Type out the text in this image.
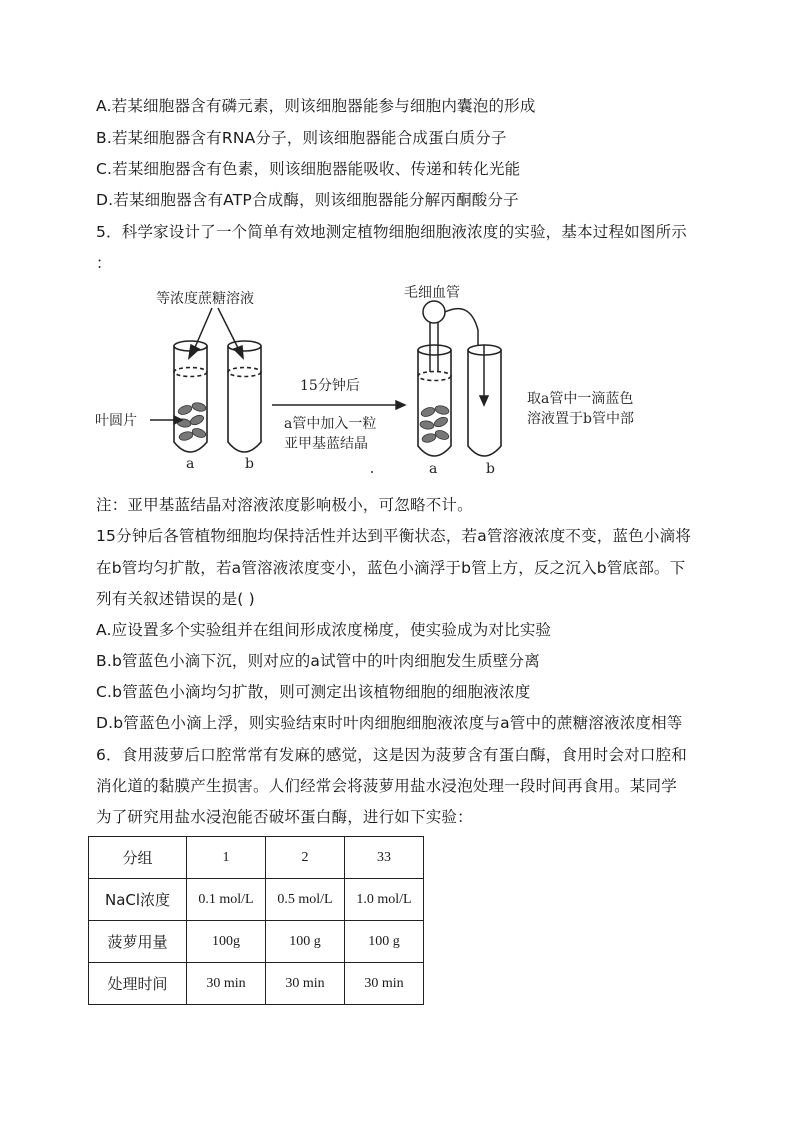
A.若某细胞器含有磷元素，则该细胞器能参与细胞内囊泡的形成
B.若某细胞器含有RNA分子，则该细胞器能合成蛋白质分子
C.若某细胞器含有色素，则该细胞器能吸收、传递和转化光能
D.若某细胞器含有ATP合成酶，则该细胞器能分解丙酮酸分子
5．科学家设计了一个简单有效地测定植物细胞细胞液浓度的实验，基本过程如图所示
：
等浓度蔗糖溶液	毛细血管
叶圆片
15分钟后
a管中加入一粒
亚甲基蓝结晶
取a管中一滴蓝色
溶液置于b管中部
a	b	a	b
注：亚甲基蓝结晶对溶液浓度影响极小，可忽略不计。
15分钟后各管植物细胞均保持活性并达到平衡状态，若a管溶液浓度不变，蓝色小滴将
在b管均匀扩散，若a管溶液浓度变小，蓝色小滴浮于b管上方，反之沉入b管底部。下
列有关叙述错误的是( )
A.应设置多个实验组并在组间形成浓度梯度，使实验成为对比实验
B.b管蓝色小滴下沉，则对应的a试管中的叶肉细胞发生质壁分离
C.b管蓝色小滴均匀扩散，则可测定出该植物细胞的细胞液浓度
D.b管蓝色小滴上浮，则实验结束时叶肉细胞细胞液浓度与a管中的蔗糖溶液浓度相等
6．食用菠萝后口腔常常有发麻的感觉，这是因为菠萝含有蛋白酶，食用时会对口腔和
消化道的黏膜产生损害。人们经常会将菠萝用盐水浸泡处理一段时间再食用。某同学
为了研究用盐水浸泡能否破坏蛋白酶，进行如下实验：
分组	1	2	33
NaCl浓度	0.1 mol/L	0.5 mol/L	1.0 mol/L
菠萝用量	100g	100 g	100 g
处理时间	30 min	30 min	30 min
